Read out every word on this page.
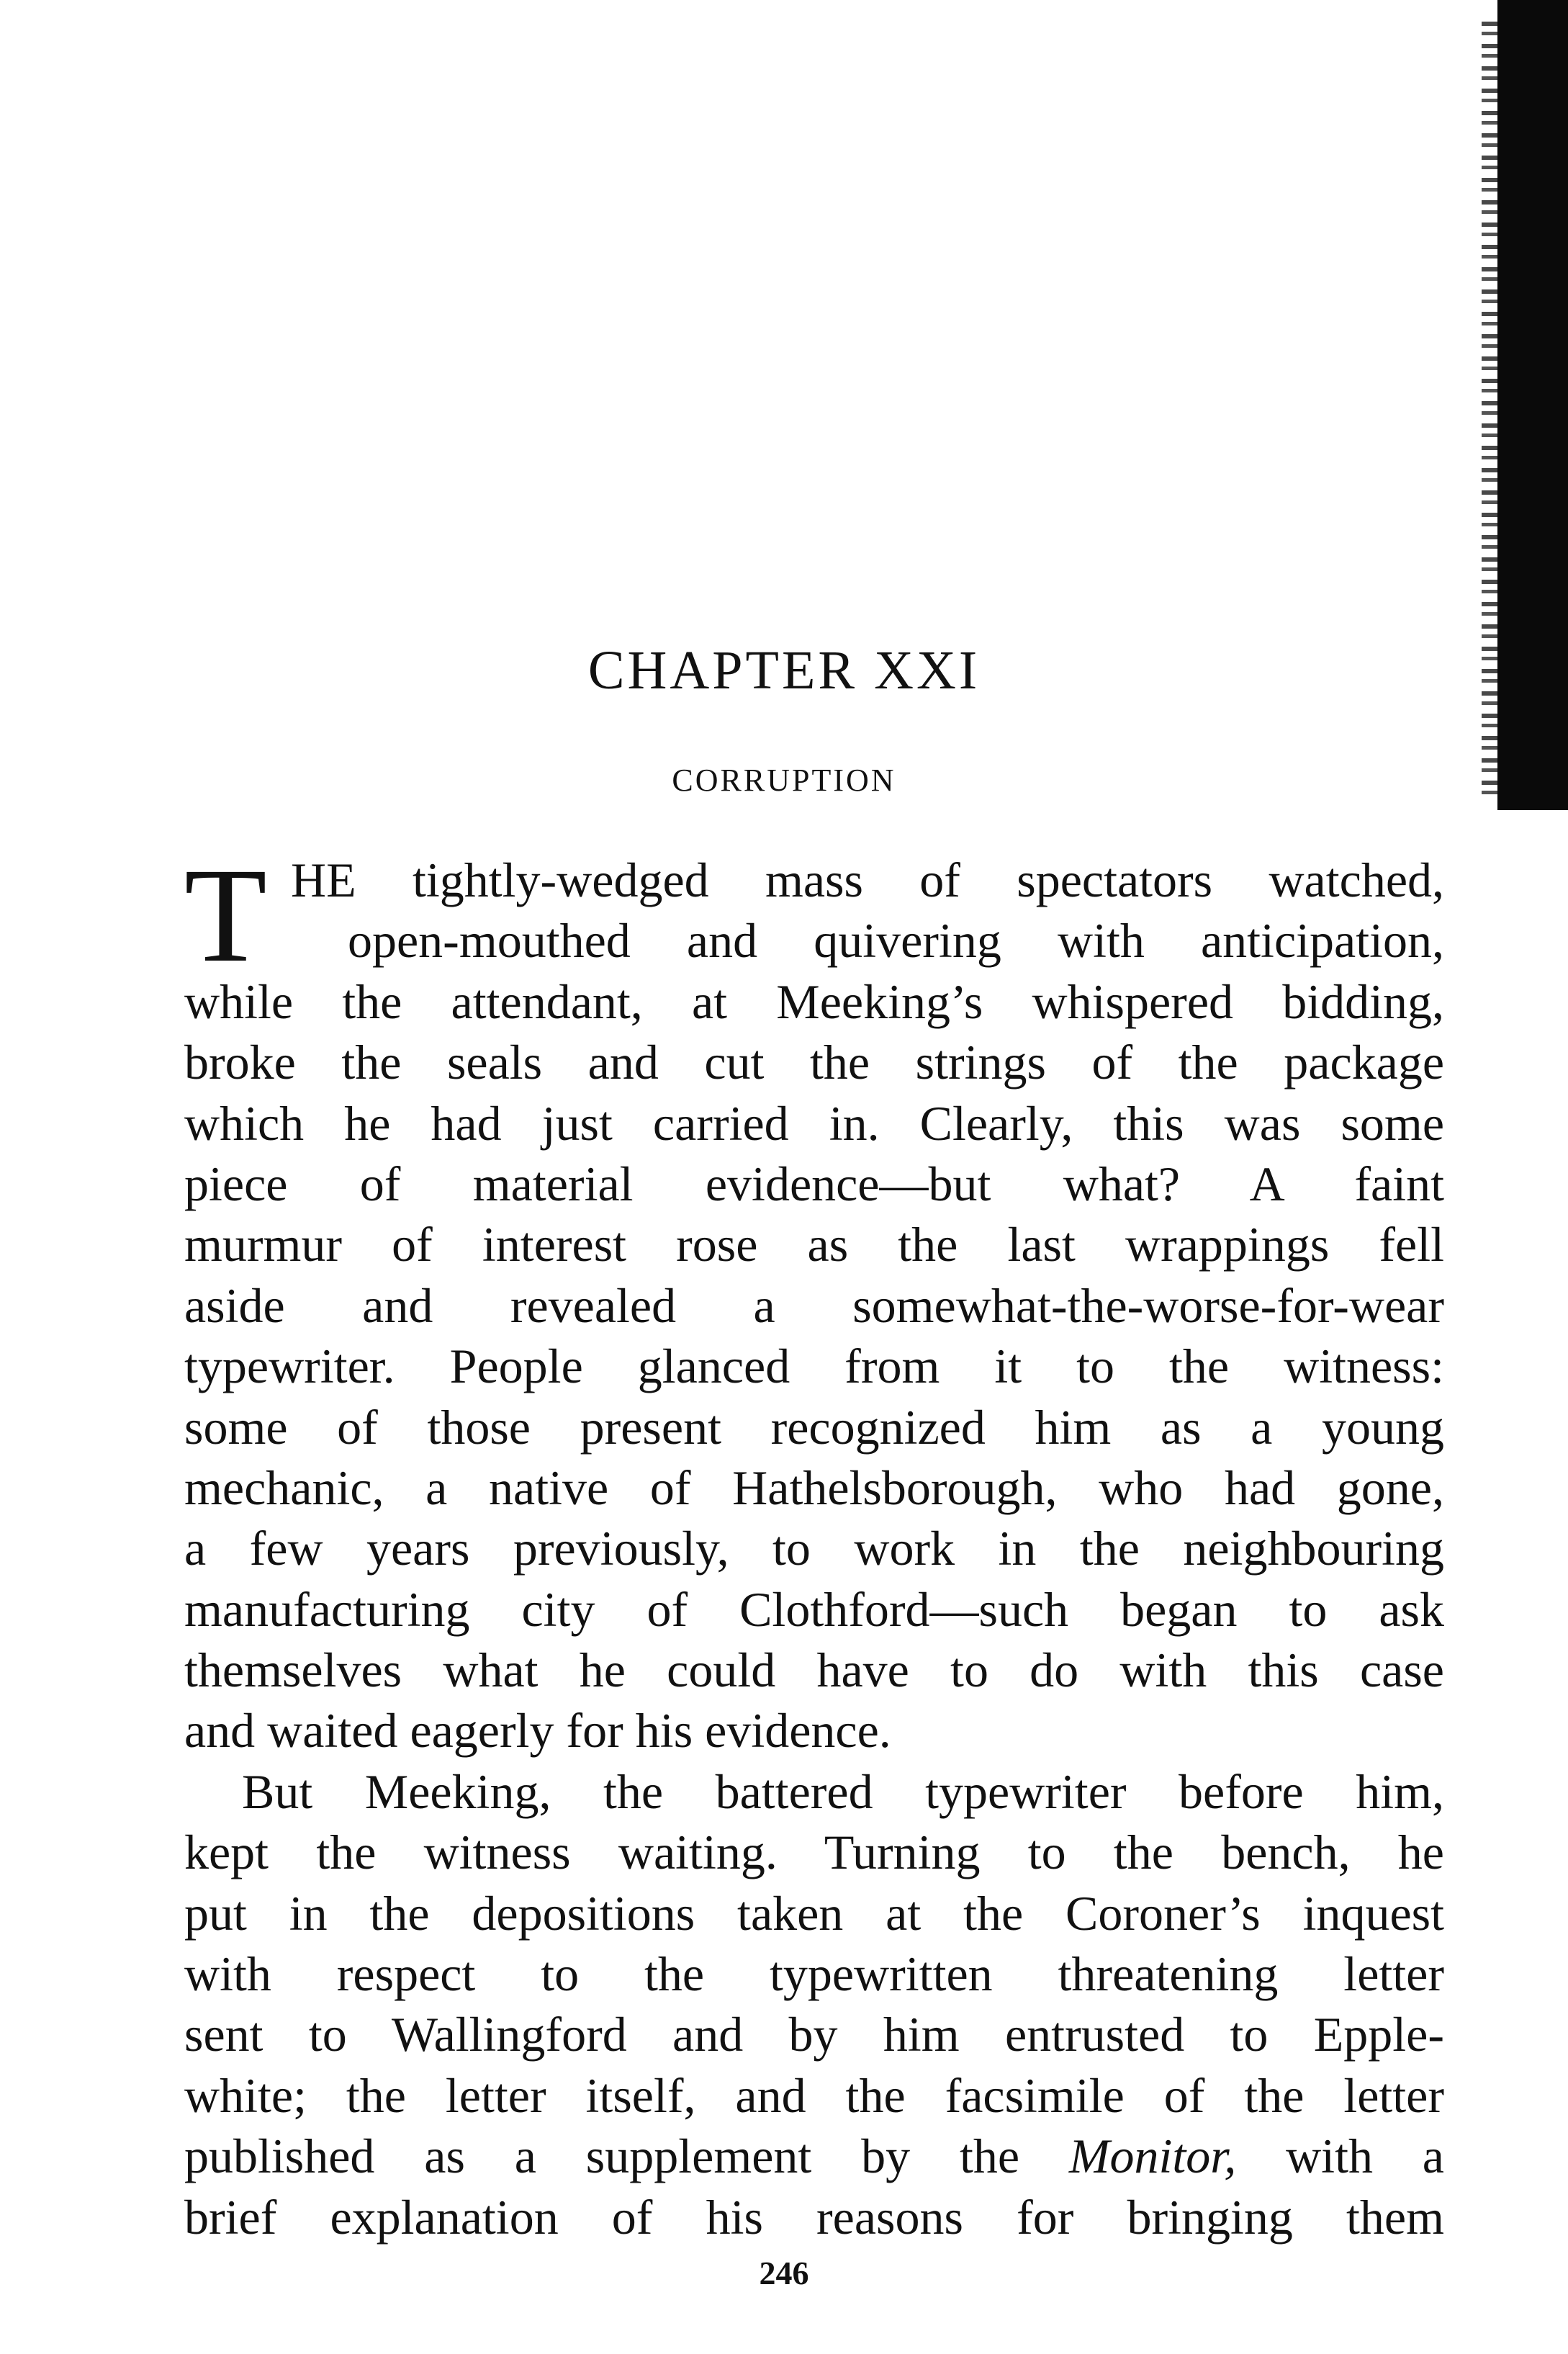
CHAPTER XXI
CORRUPTION
T HE tightly-wedged mass of spectators watched,
open-mouthed and quivering with anticipation,
while the attendant, at Meeking’s whispered bidding,
broke the seals and cut the strings of the package
which he had just carried in. Clearly, this was some
piece of material evidence—but what? A faint
murmur of interest rose as the last wrappings fell
aside and revealed a somewhat-the-worse-for-wear
typewriter. People glanced from it to the witness:
some of those present recognized him as a young
mechanic, a native of Hathelsborough, who had gone,
a few years previously, to work in the neighbouring
manufacturing city of Clothford—such began to ask
themselves what he could have to do with this case
and waited eagerly for his evidence.
But Meeking, the battered typewriter before him,
kept the witness waiting. Turning to the bench, he
put in the depositions taken at the Coroner’s inquest
with respect to the typewritten threatening letter
sent to Wallingford and by him entrusted to Epple-
white; the letter itself, and the facsimile of the letter
published as a supplement by the Monitor, with a
brief explanation of his reasons for bringing them
246
